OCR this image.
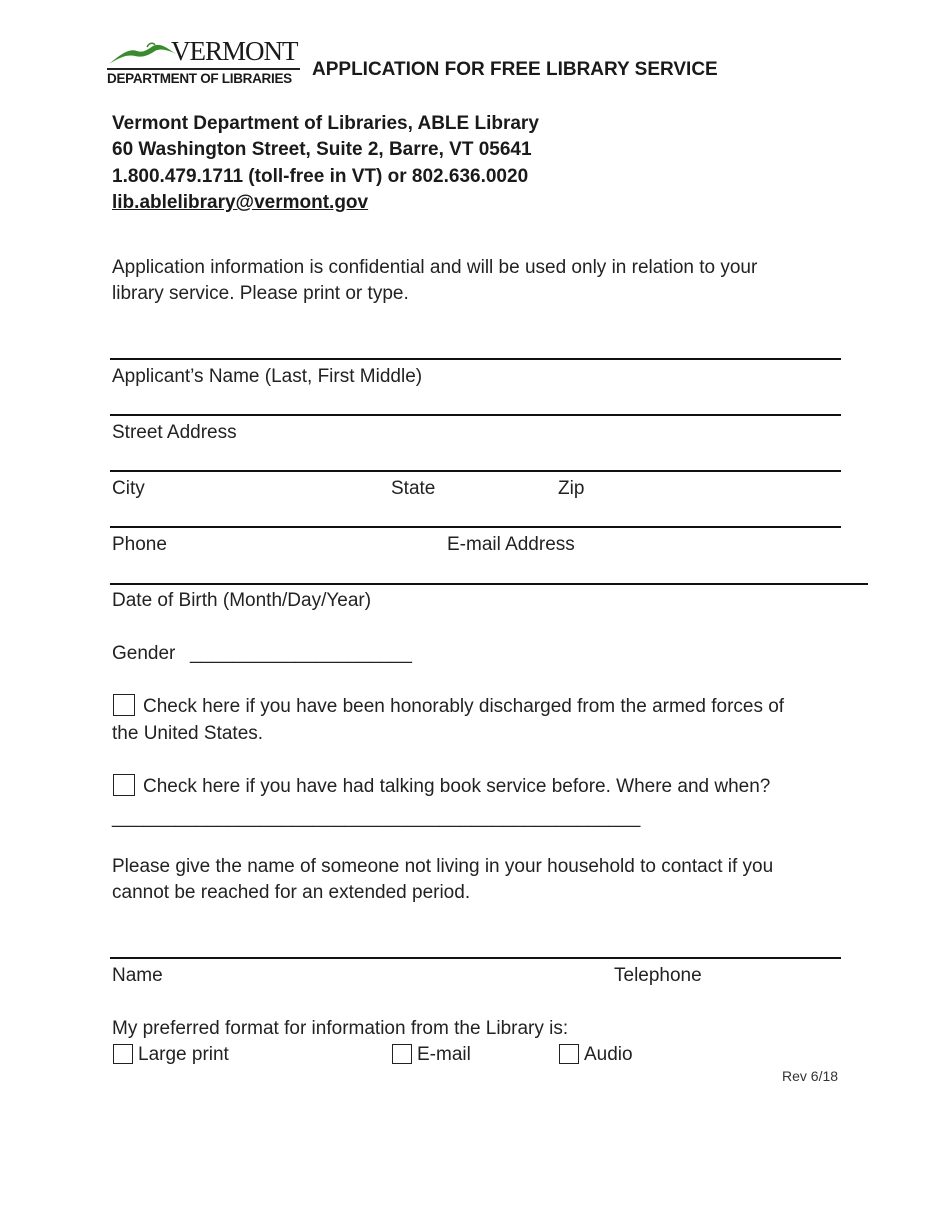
VERMONT
DEPARTMENT OF LIBRARIES APPLICATION FOR FREE LIBRARY SERVICE
Vermont Department of Libraries, ABLE Library
60 Washington Street, Suite 2, Barre, VT 05641
1.800.479.1711 (toll-free in VT) or 802.636.0020
lib.ablelibrary@vermont.gov
Application information is confidential and will be used only in relation to your
library service. Please print or type.
Applicant’s Name (Last, First Middle)
Street Address
City	State	Zip
Phone	E-mail Address
Date of Birth (Month/Day/Year)
Gender _____________________
Check here if you have been honorably discharged from the armed forces of
the United States.
Check here if you have had talking book service before. Where and when?
__________________________________________________
Please give the name of someone not living in your household to contact if you
cannot be reached for an extended period.
Name	Telephone
My preferred format for information from the Library is:
Large print	E-mail	Audio
Rev 6/18
